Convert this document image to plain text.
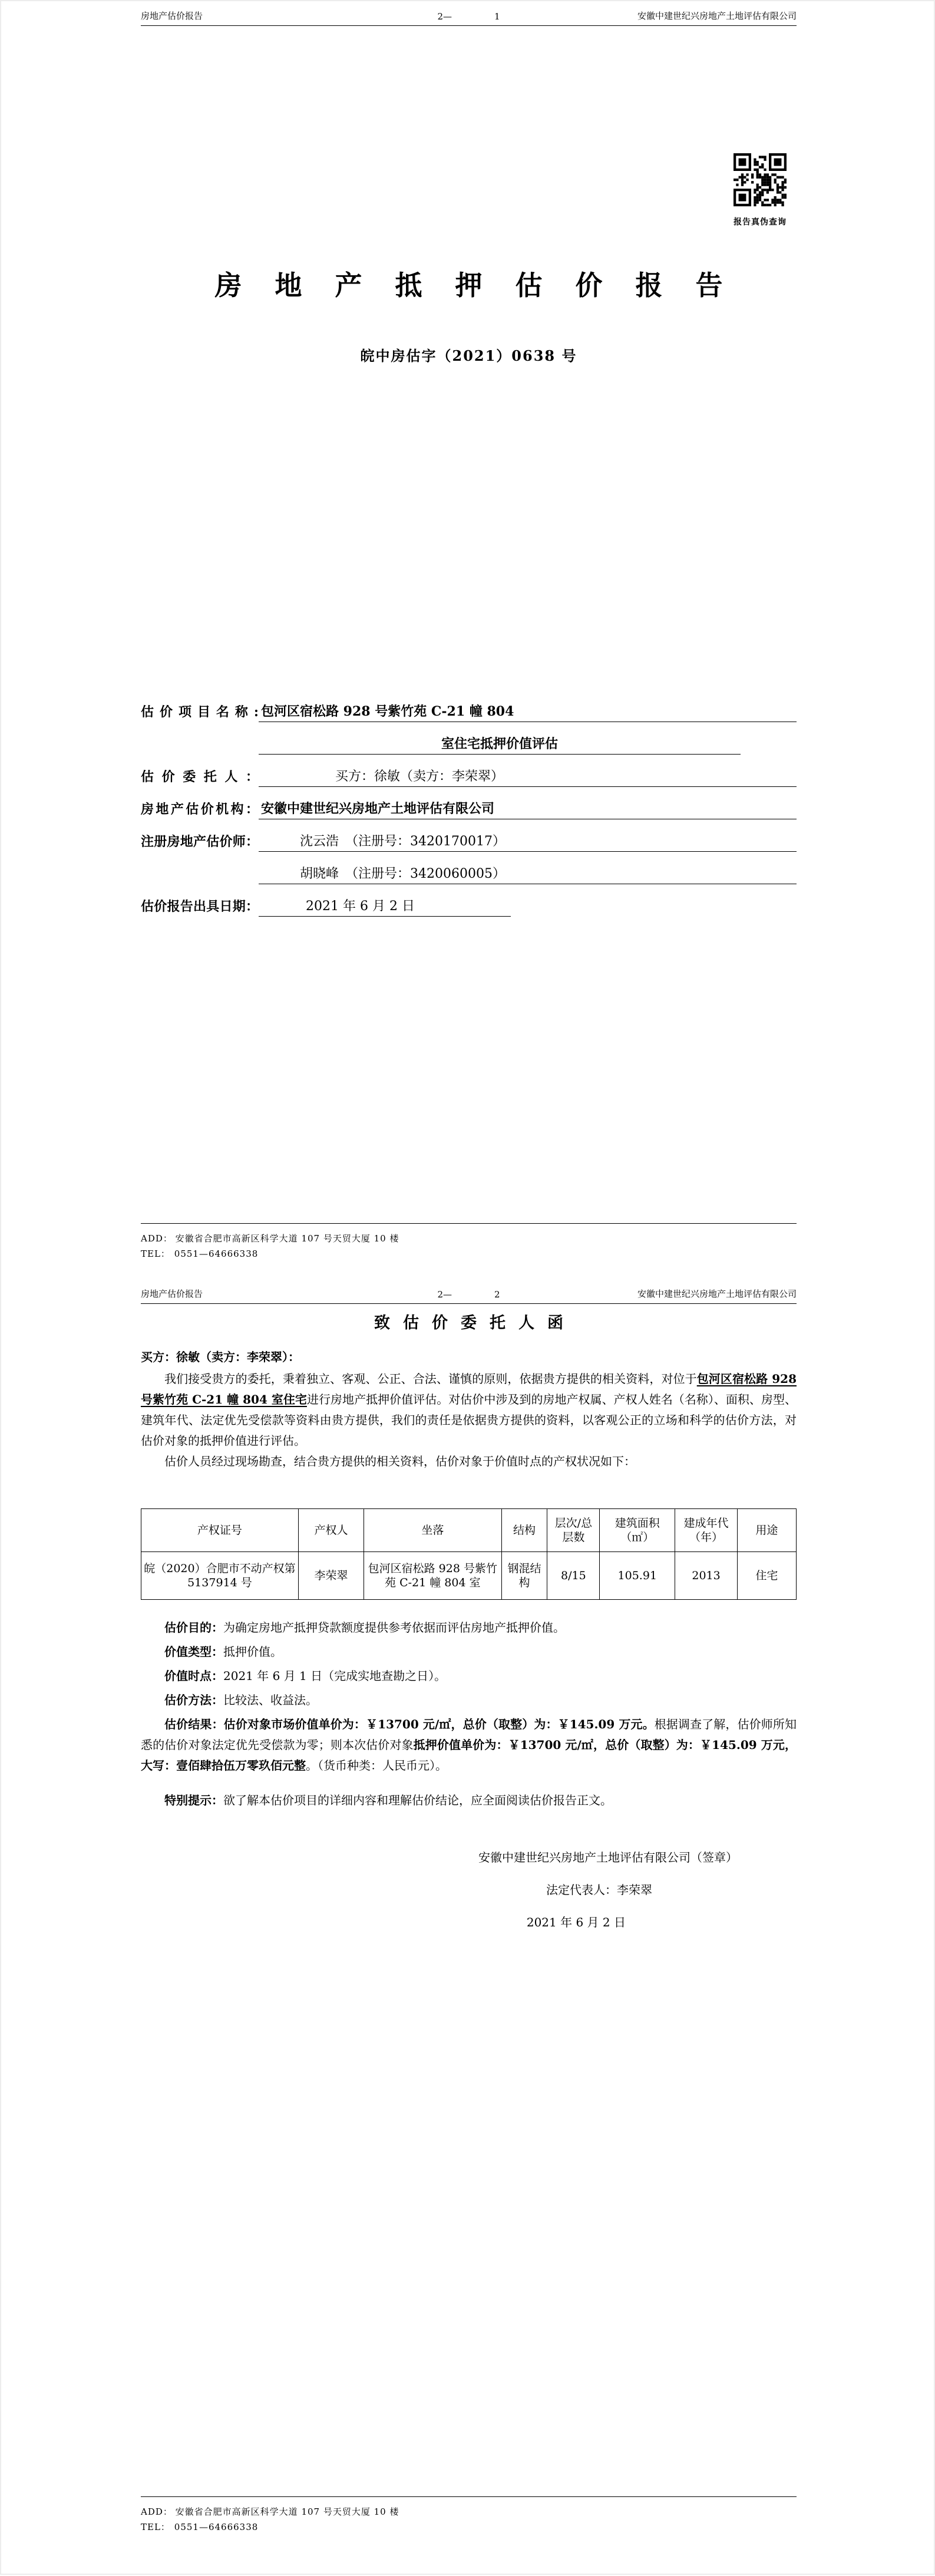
房地产估价报告	2—	1	安徽中建世纪兴房地产土地评估有限公司
报告真伪查询
房地产抵押估价报告
皖中房估字（2021）0638 号
估价项目名称: 包河区宿松路 928 号紫竹苑 C-21 幢 804
室住宅抵押价值评估
估价委托人：	买方：徐敏（卖方：李荣翠）
房地产估价机构： 安徽中建世纪兴房地产土地评估有限公司
注册房地产估价师：	沈云浩　（注册号：3420170017）
胡晓峰　（注册号：3420060005）
估价报告出具日期：	2021 年 6 月 2 日
ADD： 安徽省合肥市高新区科学大道 107 号天贸大厦 10 楼
TEL： 0551—64666338
房地产估价报告	2—	2	安徽中建世纪兴房地产土地评估有限公司
致估价委托人函

买方：徐敏（卖方：李荣翠）：

我们接受贵方的委托，秉着独立、客观、公正、合法、谨慎的原则，依据贵方提供的相关资料，对位于包河区宿松路 928 号紫竹苑 C-21 幢 804 室住宅进行房地产抵押价值评估。对估价中涉及到的房地产权属、产权人姓名（名称）、面积、房型、建筑年代、法定优先受偿款等资料由贵方提供，我们的责任是依据贵方提供的资料，以客观公正的立场和科学的估价方法，对估价对象的抵押价值进行评估。

估价人员经过现场勘查，结合贵方提供的相关资料，估价对象于价值时点的产权状况如下：

产权证号	产权人	坐落	结构	层次/总层数	建筑面积（㎡）	建成年代（年）	用途
皖（2020）合肥市不动产权第 5137914 号	李荣翠	包河区宿松路 928 号紫竹苑 C-21 幢 804 室	钢混结构	8/15	105.91	2013	住宅

估价目的：为确定房地产抵押贷款额度提供参考依据而评估房地产抵押价值。

价值类型：抵押价值。

价值时点：2021 年 6 月 1 日（完成实地查勘之日）。

估价方法：比较法、收益法。

估价结果：估价对象市场价值单价为：￥13700 元/㎡，总价（取整）为：￥145.09 万元。根据调查了解，估价师所知悉的估价对象法定优先受偿款为零；则本次估价对象抵押价值单价为：￥13700 元/㎡，总价（取整）为：￥145.09 万元，大写：壹佰肆拾伍万零玖佰元整。（货币种类：人民币元）。

特别提示：欲了解本估价项目的详细内容和理解估价结论，应全面阅读估价报告正文。

安徽中建世纪兴房地产土地评估有限公司（签章）

法定代表人：李荣翠

2021 年 6 月 2 日

ADD： 安徽省合肥市高新区科学大道 107 号天贸大厦 10 楼
TEL： 0551—64666338
